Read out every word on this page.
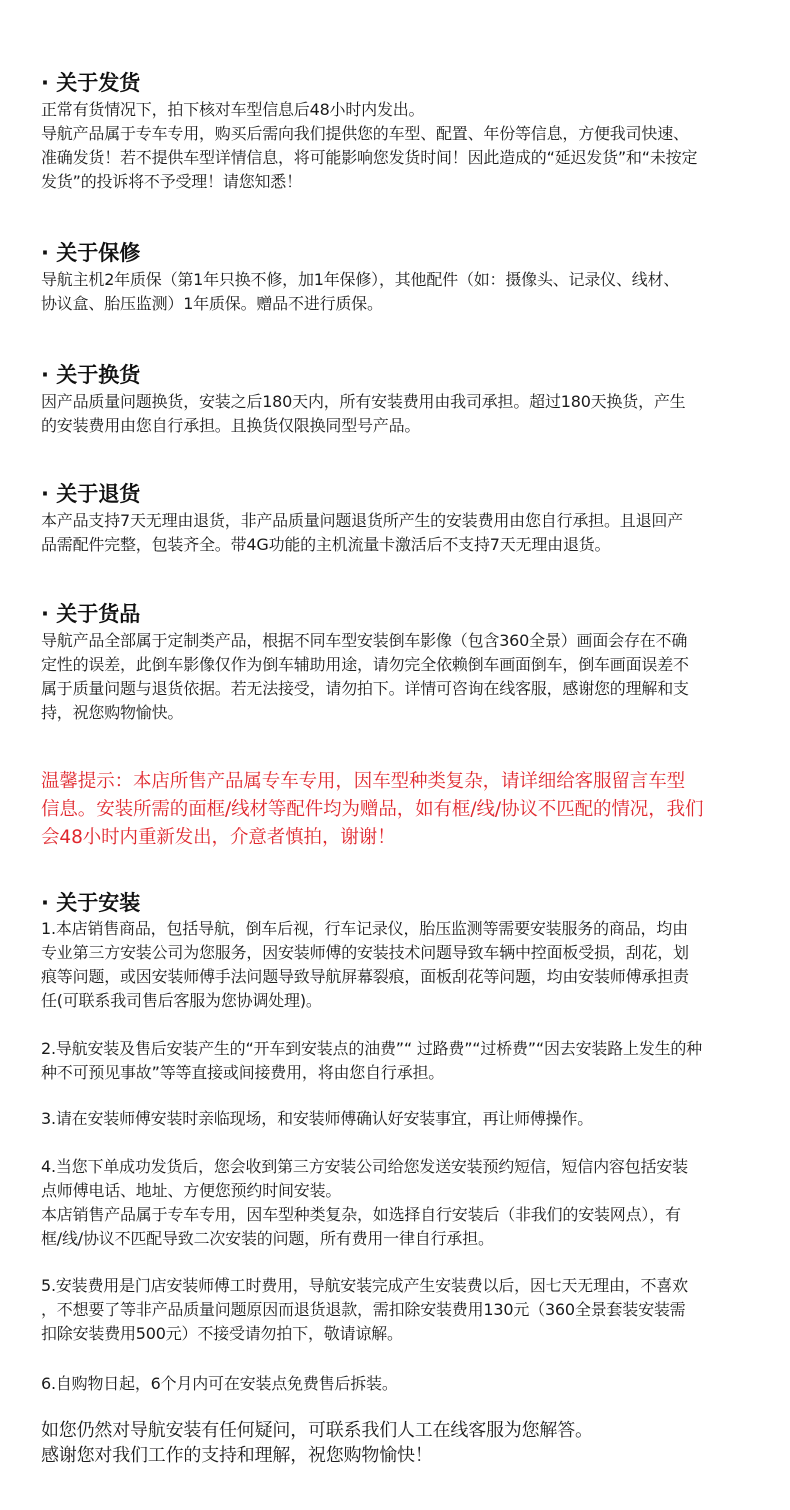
· 关于发货
正常有货情况下，拍下核对车型信息后48小时内发出。
导航产品属于专车专用，购买后需向我们提供您的车型、配置、年份等信息，方便我司快速、
准确发货！若不提供车型详情信息，将可能影响您发货时间！因此造成的“延迟发货”和“未按定
发货”的投诉将不予受理！请您知悉！
· 关于保修
导航主机2年质保（第1年只换不修，加1年保修），其他配件（如：摄像头、记录仪、线材、
协议盒、胎压监测）1年质保。赠品不进行质保。
· 关于换货
因产品质量问题换货，安装之后180天内，所有安装费用由我司承担。超过180天换货，产生
的安装费用由您自行承担。且换货仅限换同型号产品。
· 关于退货
本产品支持7天无理由退货，非产品质量问题退货所产生的安装费用由您自行承担。且退回产
品需配件完整，包装齐全。带4G功能的主机流量卡激活后不支持7天无理由退货。
· 关于货品
导航产品全部属于定制类产品，根据不同车型安装倒车影像（包含360全景）画面会存在不确
定性的误差，此倒车影像仅作为倒车辅助用途，请勿完全依赖倒车画面倒车，倒车画面误差不
属于质量问题与退货依据。若无法接受，请勿拍下。详情可咨询在线客服，感谢您的理解和支
持，祝您购物愉快。
温馨提示：本店所售产品属专车专用，因车型种类复杂，请详细给客服留言车型
信息。安装所需的面框/线材等配件均为赠品，如有框/线/协议不匹配的情况，我们
会48小时内重新发出，介意者慎拍，谢谢！
· 关于安装
1.本店销售商品，包括导航，倒车后视，行车记录仪，胎压监测等需要安装服务的商品，均由
专业第三方安装公司为您服务，因安装师傅的安装技术问题导致车辆中控面板受损，刮花，划
痕等问题，或因安装师傅手法问题导致导航屏幕裂痕，面板刮花等问题，均由安装师傅承担责
任(可联系我司售后客服为您协调处理)。
2.导航安装及售后安装产生的“开车到安装点的油费”“ 过路费”“过桥费”“因去安装路上发生的种
种不可预见事故”等等直接或间接费用，将由您自行承担。
3.请在安装师傅安装时亲临现场，和安装师傅确认好安装事宜，再让师傅操作。
4.当您下单成功发货后，您会收到第三方安装公司给您发送安装预约短信，短信内容包括安装
点师傅电话、地址、方便您预约时间安装。
本店销售产品属于专车专用，因车型种类复杂，如选择自行安装后（非我们的安装网点），有
框/线/协议不匹配导致二次安装的问题，所有费用一律自行承担。
5.安装费用是门店安装师傅工时费用，导航安装完成产生安装费以后，因七天无理由，不喜欢
，不想要了等非产品质量问题原因而退货退款，需扣除安装费用130元（360全景套装安装需
扣除安装费用500元）不接受请勿拍下，敬请谅解。
6.自购物日起，6个月内可在安装点免费售后拆装。
如您仍然对导航安装有任何疑问，可联系我们人工在线客服为您解答。
感谢您对我们工作的支持和理解，祝您购物愉快！
